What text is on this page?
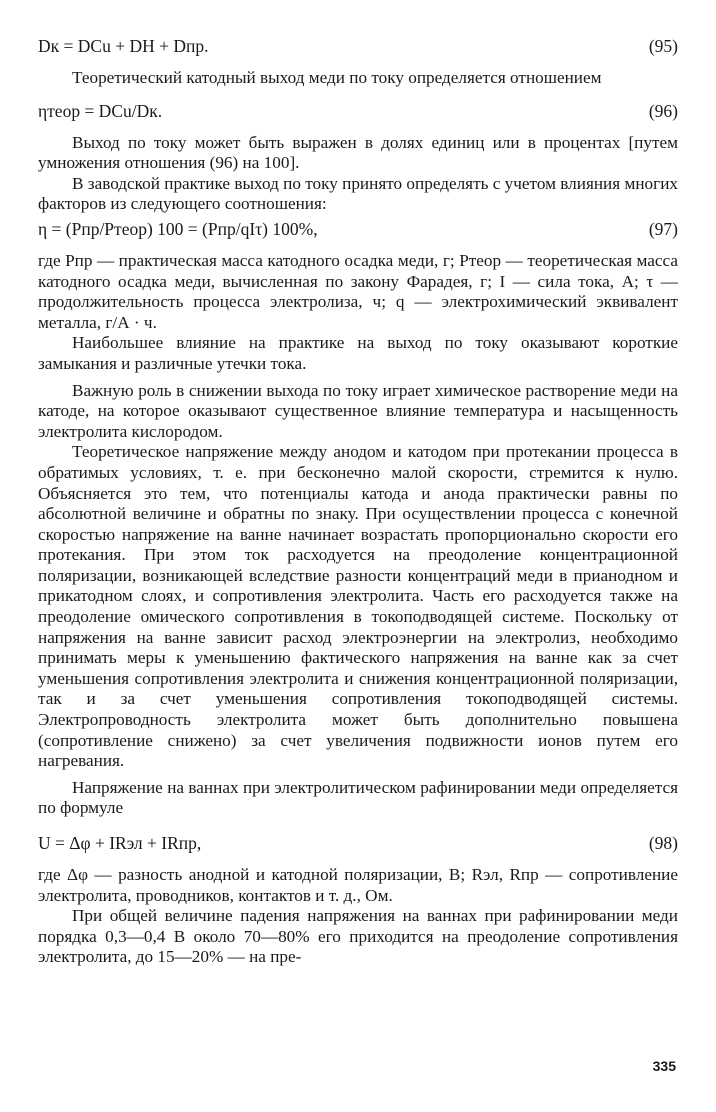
Dк = DCu + DH + Dпр.	(95)

Теоретический катодный выход меди по току определяется отношением

ηтеор = DCu/Dк.	(96)

Выход по току может быть выражен в долях единиц или в процентах [путем умножения отношения (96) на 100].

В заводской практике выход по току принято определять с учетом влияния многих факторов из следующего соотношения:

η = (Pпр/Pтеор) 100 = (Pпр/qIτ) 100%,	(97)

где Pпр — практическая масса катодного осадка меди, г; Pтеор — теоретическая масса катодного осадка меди, вычисленная по закону Фарадея, г; I — сила тока, А; τ — продолжительность процесса электролиза, ч; q — электрохимический эквивалент металла, г/А · ч.

Наибольшее влияние на практике на выход по току оказывают короткие замыкания и различные утечки тока.

Важную роль в снижении выхода по току играет химическое растворение меди на катоде, на которое оказывают существенное влияние температура и насыщенность электролита кислородом.

Теоретическое напряжение между анодом и катодом при протекании процесса в обратимых условиях, т. е. при бесконечно малой скорости, стремится к нулю. Объясняется это тем, что потенциалы катода и анода практически равны по абсолютной величине и обратны по знаку. При осуществлении процесса с конечной скоростью напряжение на ванне начинает возрастать пропорционально скорости его протекания. При этом ток расходуется на преодоление концентрационной поляризации, возникающей вследствие разности концентраций меди в прианодном и прикатодном слоях, и сопротивления электролита. Часть его расходуется также на преодоление омического сопротивления в токоподводящей системе. Поскольку от напряжения на ванне зависит расход электроэнергии на электролиз, необходимо принимать меры к уменьшению фактического напряжения на ванне как за счет уменьшения сопротивления электролита и снижения концентрационной поляризации, так и за счет уменьшения сопротивления токоподводящей системы. Электропроводность электролита может быть дополнительно повышена (сопротивление снижено) за счет увеличения подвижности ионов путем его нагревания.

Напряжение на ваннах при электролитическом рафинировании меди определяется по формуле

U = Δφ + IRэл + IRпр,	(98)

где Δφ — разность анодной и катодной поляризации, В; Rэл, Rпр — сопротивление электролита, проводников, контактов и т. д., Ом.

При общей величине падения напряжения на ваннах при рафинировании меди порядка 0,3—0,4 В около 70—80% его приходится на преодоление сопротивления электролита, до 15—20% — на пре-

335
